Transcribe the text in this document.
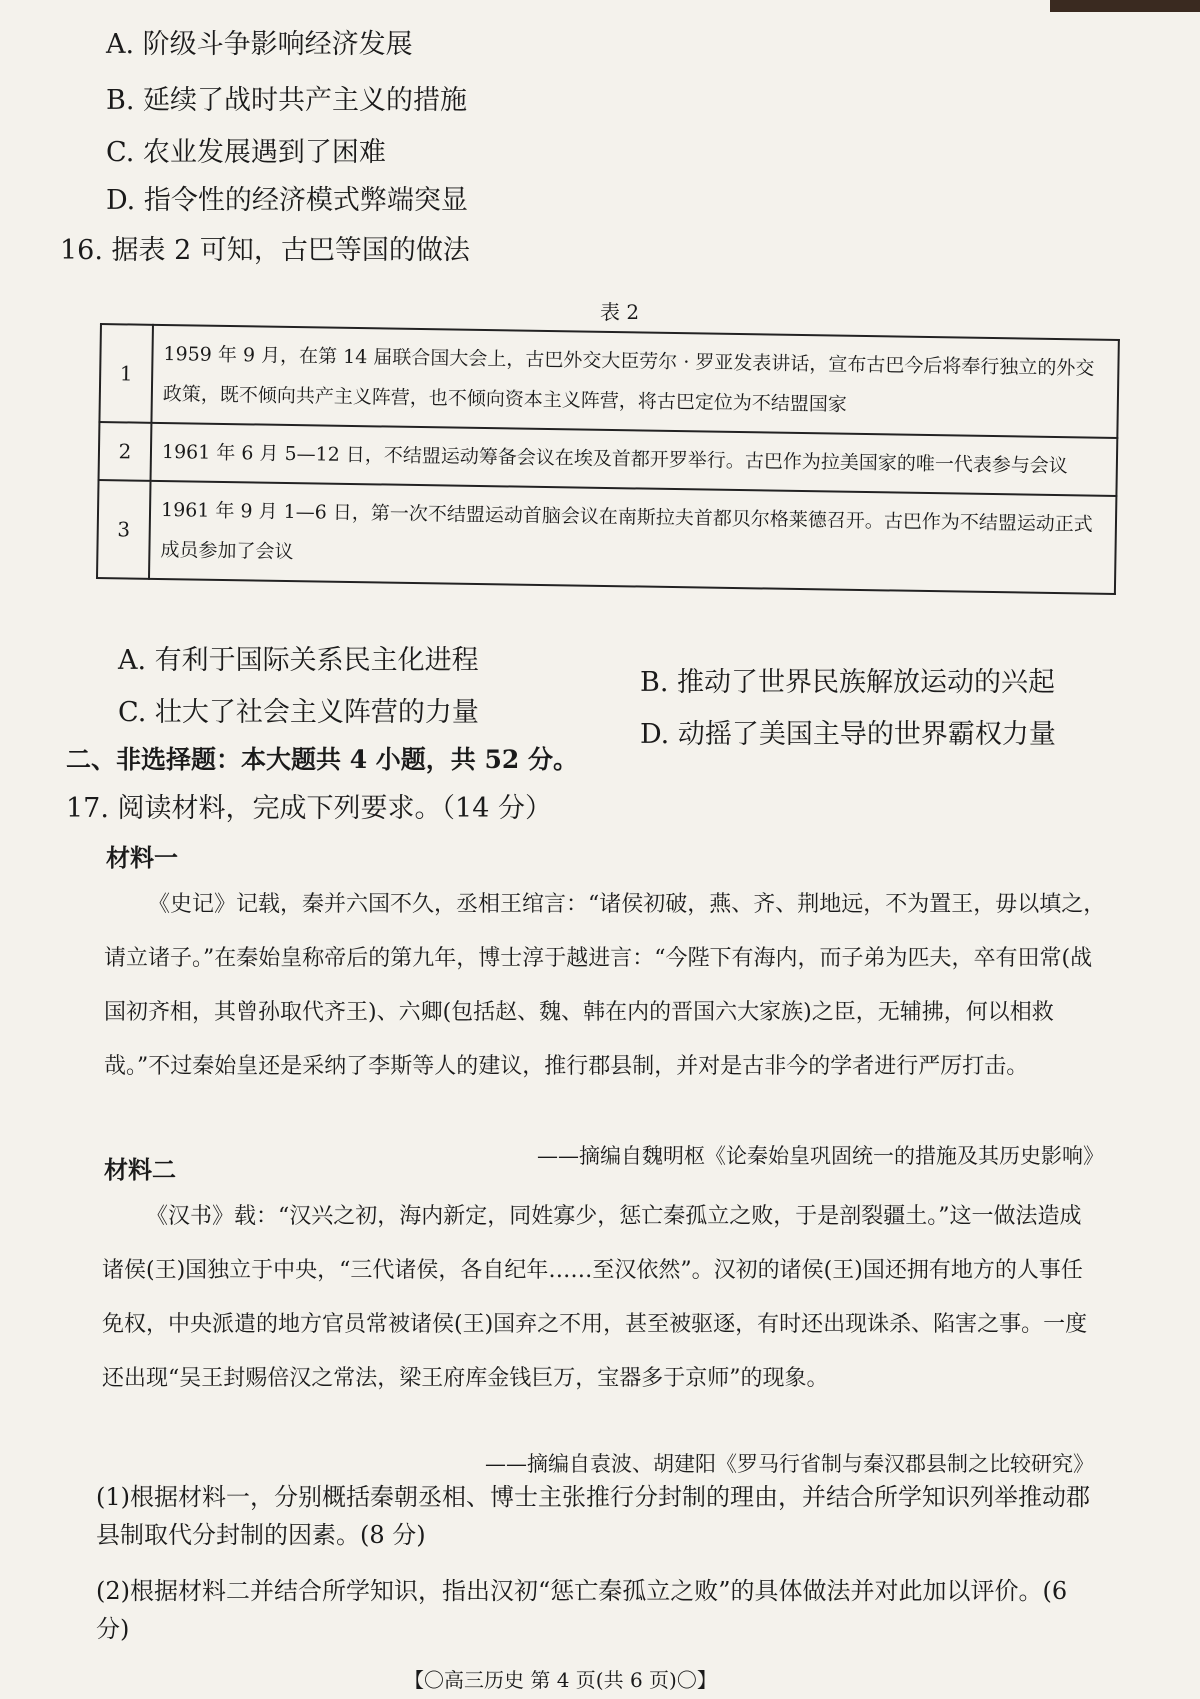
A. 阶级斗争影响经济发展
B. 延续了战时共产主义的措施
C. 农业发展遇到了困难
D. 指令性的经济模式弊端突显
16. 据表 2 可知，古巴等国的做法
表 2
1	1959 年 9 月，在第 14 届联合国大会上，古巴外交大臣劳尔 · 罗亚发表讲话，宣布古巴今后将奉行独立的外交政策，既不倾向共产主义阵营，也不倾向资本主义阵营，将古巴定位为不结盟国家
2	1961 年 6 月 5—12 日，不结盟运动筹备会议在埃及首都开罗举行。古巴作为拉美国家的唯一代表参与会议
3	1961 年 9 月 1—6 日，第一次不结盟运动首脑会议在南斯拉夫首都贝尔格莱德召开。古巴作为不结盟运动正式成员参加了会议
A. 有利于国际关系民主化进程
B. 推动了世界民族解放运动的兴起
C. 壮大了社会主义阵营的力量
D. 动摇了美国主导的世界霸权力量
二、非选择题：本大题共 4 小题，共 52 分。
17. 阅读材料，完成下列要求。（14 分）
材料一
《史记》记载，秦并六国不久，丞相王绾言：“诸侯初破，燕、齐、荆地远，不为置王，毋以填之，请立诸子。”在秦始皇称帝后的第九年，博士淳于越进言：“今陛下有海内，而子弟为匹夫，卒有田常(战国初齐相，其曾孙取代齐王)、六卿(包括赵、魏、韩在内的晋国六大家族)之臣，无辅拂，何以相救哉。”不过秦始皇还是采纳了李斯等人的建议，推行郡县制，并对是古非今的学者进行严厉打击。
——摘编自魏明枢《论秦始皇巩固统一的措施及其历史影响》
材料二
《汉书》载：“汉兴之初，海内新定，同姓寡少，惩亡秦孤立之败，于是剖裂疆土。”这一做法造成诸侯(王)国独立于中央，“三代诸侯，各自纪年……至汉依然”。汉初的诸侯(王)国还拥有地方的人事任免权，中央派遣的地方官员常被诸侯(王)国弃之不用，甚至被驱逐，有时还出现诛杀、陷害之事。一度还出现“吴王封赐倍汉之常法，梁王府库金钱巨万，宝器多于京师”的现象。
——摘编自袁波、胡建阳《罗马行省制与秦汉郡县制之比较研究》
(1)根据材料一，分别概括秦朝丞相、博士主张推行分封制的理由，并结合所学知识列举推动郡县制取代分封制的因素。(8 分)
(2)根据材料二并结合所学知识，指出汉初“惩亡秦孤立之败”的具体做法并对此加以评价。(6 分)
【〇高三历史 第 4 页(共 6 页)〇】
